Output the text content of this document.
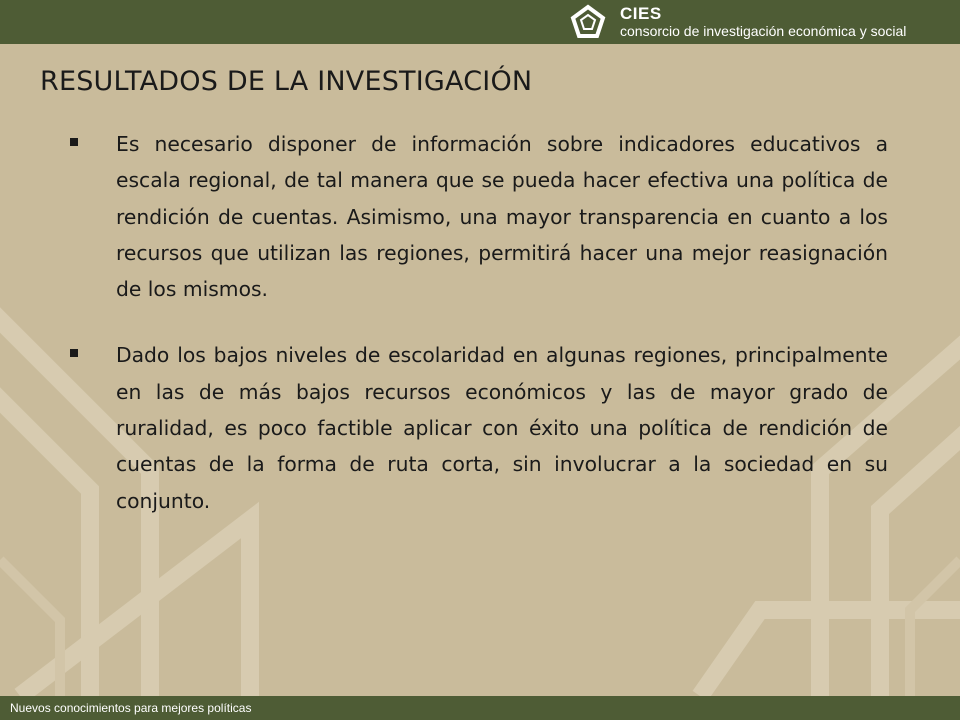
CIES
consorcio de investigación económica y social
RESULTADOS DE LA INVESTIGACIÓN

Es necesario disponer de información sobre indicadores educativos a escala regional, de tal manera que se pueda hacer efectiva una política de rendición de cuentas. Asimismo, una mayor transparencia en cuanto a los recursos que utilizan las regiones, permitirá hacer una mejor reasignación de los mismos.

Dado los bajos niveles de escolaridad en algunas regiones, principalmente en las de más bajos recursos económicos y las de mayor grado de ruralidad, es poco factible aplicar con éxito una política de rendición de cuentas de la forma de ruta corta, sin involucrar a la sociedad en su conjunto.

Nuevos conocimientos para mejores políticas
